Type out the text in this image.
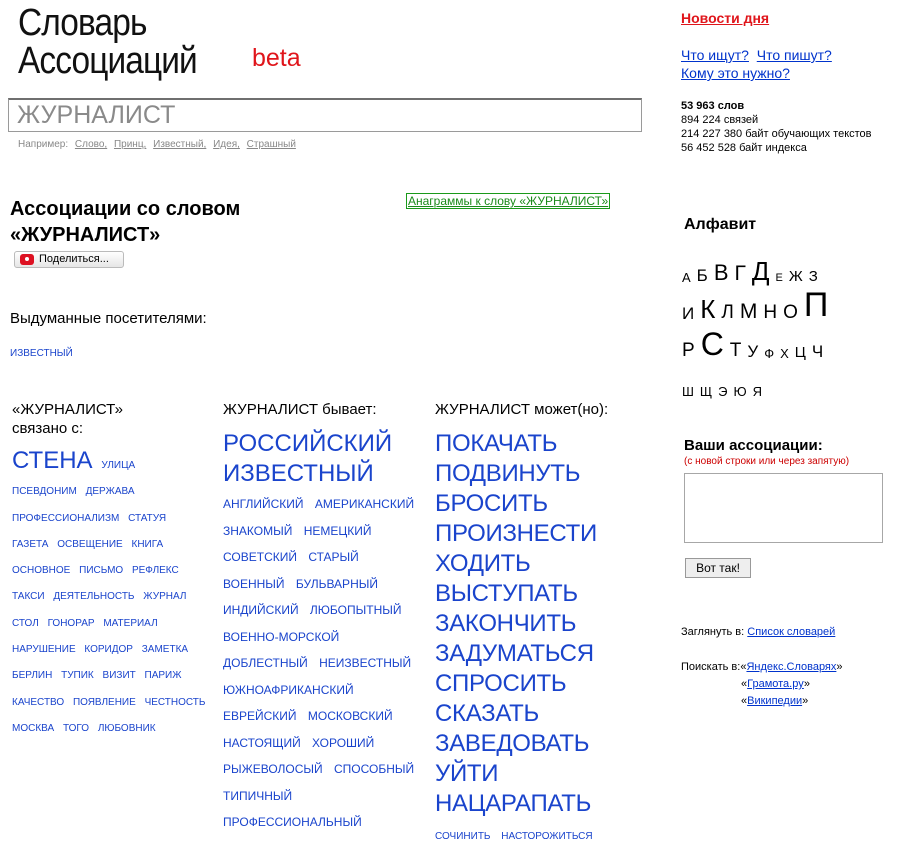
Словарь
Ассоциаций beta
ЖУРНАЛИСТ
Например: Слово, Принц, Известный, Идея, Страшный
Анаграммы к слову «ЖУРНАЛИСТ»
Ассоциации со словом
«ЖУРНАЛИСТ»
Поделиться...
Выдуманные посетителями:
ИЗВЕСТНЫЙ
«ЖУРНАЛИСТ»
связано с:
СТЕНА УЛИЦА ПСЕВДОНИМ ДЕРЖАВА ПРОФЕССИОНАЛИЗМ СТАТУЯ ГАЗЕТА ОСВЕЩЕНИЕ КНИГА ОСНОВНОЕ ПИСЬМО РЕФЛЕКС ТАКСИ ДЕЯТЕЛЬНОСТЬ ЖУРНАЛ СТОЛ ГОНОРАР МАТЕРИАЛ НАРУШЕНИЕ КОРИДОР ЗАМЕТКА БЕРЛИН ТУПИК ВИЗИТ ПАРИЖ КАЧЕСТВО ПОЯВЛЕНИЕ ЧЕСТНОСТЬ МОСКВА ТОГО ЛЮБОВНИК
ЖУРНАЛИСТ бывает:
РОССИЙСКИЙ
ИЗВЕСТНЫЙ
АНГЛИЙСКИЙ АМЕРИКАНСКИЙ ЗНАКОМЫЙ НЕМЕЦКИЙ СОВЕТСКИЙ СТАРЫЙ ВОЕННЫЙ БУЛЬВАРНЫЙ ИНДИЙСКИЙ ЛЮБОПЫТНЫЙ ВОЕННО-МОРСКОЙ ДОБЛЕСТНЫЙ НЕИЗВЕСТНЫЙ ЮЖНОАФРИКАНСКИЙ ЕВРЕЙСКИЙ МОСКОВСКИЙ НАСТОЯЩИЙ ХОРОШИЙ РЫЖЕВОЛОСЫЙ СПОСОБНЫЙ ТИПИЧНЫЙ ПРОФЕССИОНАЛЬНЫЙ
ЖУРНАЛИСТ может(но):
ПОКАЧАТЬ
ПОДВИНУТЬ
БРОСИТЬ
ПРОИЗНЕСТИ
ХОДИТЬ
ВЫСТУПАТЬ
ЗАКОНЧИТЬ
ЗАДУМАТЬСЯ
СПРОСИТЬ
СКАЗАТЬ
ЗАВЕДОВАТЬ
УЙТИ
НАЦАРАПАТЬ
СОЧИНИТЬ НАСТОРОЖИТЬСЯ
Новости дня
Что ищут? Что пишут?
Кому это нужно?
53 963 слов
894 224 связей
214 227 380 байт обучающих текстов
56 452 528 байт индекса
Алфавит
А Б В Г Д Е Ж З
И К Л М Н О П
Р С Т У Ф Х Ц Ч
Ш Щ Э Ю Я
Ваши ассоциации:
(с новой строки или через запятую)
Вот так!
Заглянуть в: Список словарей
Поискать в:«Яндекс.Словарях»
«Грамота.ру»
«Википедии»
